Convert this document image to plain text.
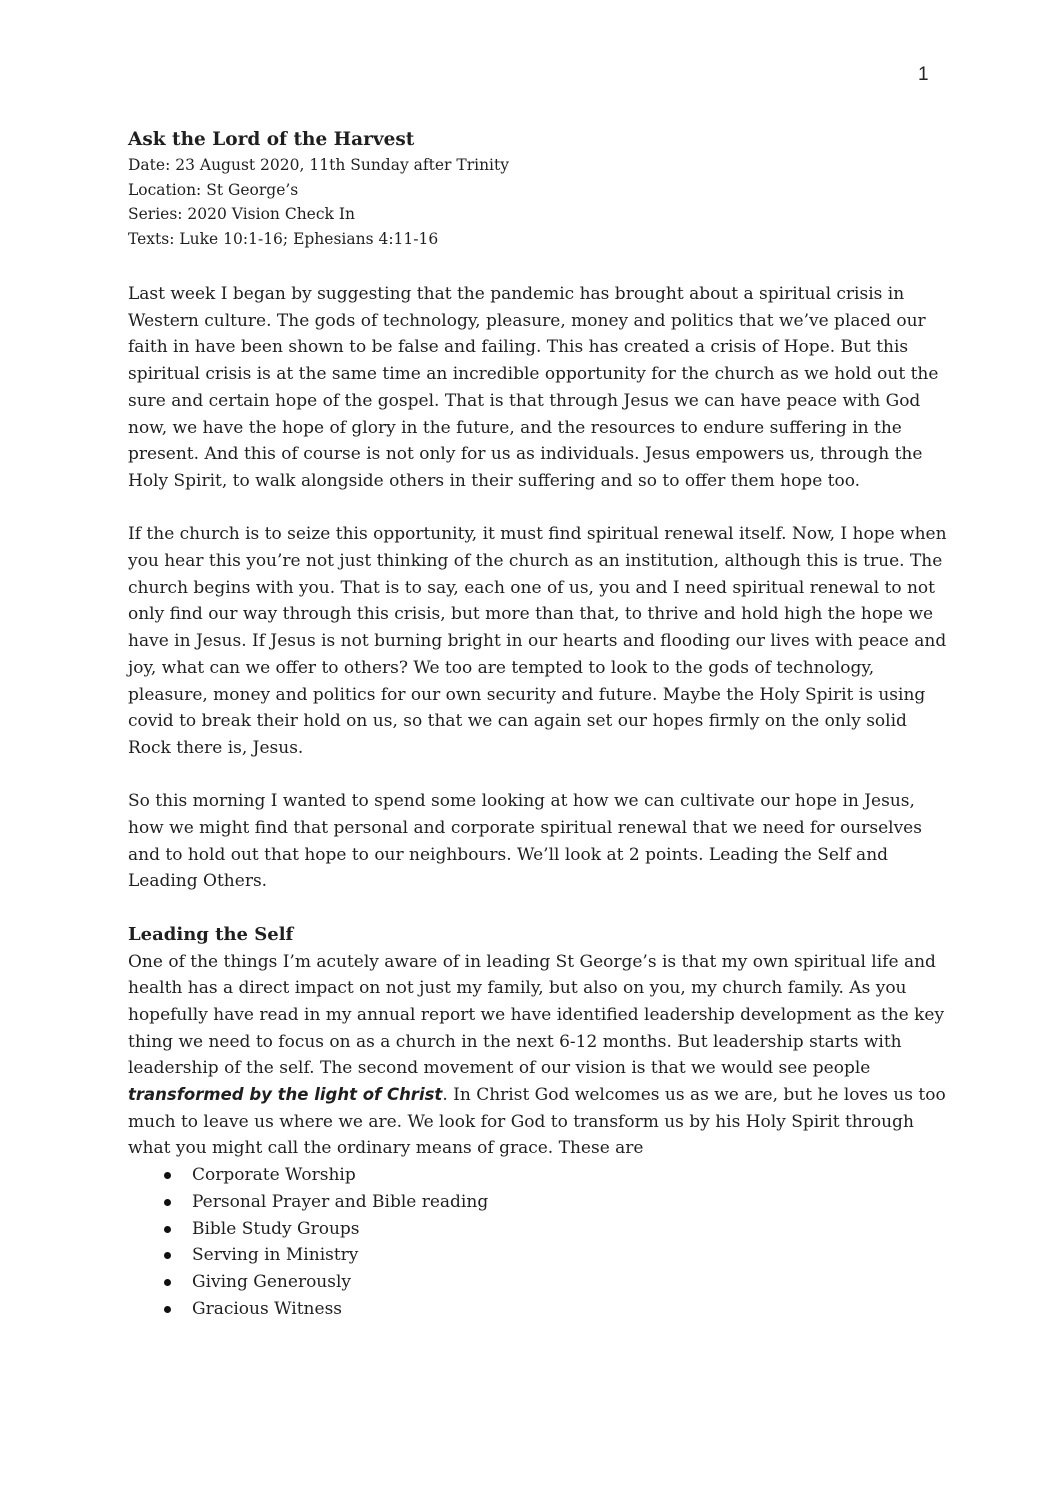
1

Ask the Lord of the Harvest

Date: 23 August 2020, 11th Sunday after Trinity

Location: St George’s

Series: 2020 Vision Check In

Texts: Luke 10:1-16; Ephesians 4:11-16

Last week I began by suggesting that the pandemic has brought about a spiritual crisis in Western culture. The gods of technology, pleasure, money and politics that we’ve placed our faith in have been shown to be false and failing. This has created a crisis of Hope. But this spiritual crisis is at the same time an incredible opportunity for the church as we hold out the sure and certain hope of the gospel. That is that through Jesus we can have peace with God now, we have the hope of glory in the future, and the resources to endure suffering in the present. And this of course is not only for us as individuals. Jesus empowers us, through the Holy Spirit, to walk alongside others in their suffering and so to offer them hope too.

If the church is to seize this opportunity, it must find spiritual renewal itself. Now, I hope when you hear this you’re not just thinking of the church as an institution, although this is true. The church begins with you. That is to say, each one of us, you and I need spiritual renewal to not only find our way through this crisis, but more than that, to thrive and hold high the hope we have in Jesus. If Jesus is not burning bright in our hearts and flooding our lives with peace and joy, what can we offer to others? We too are tempted to look to the gods of technology, pleasure, money and politics for our own security and future. Maybe the Holy Spirit is using covid to break their hold on us, so that we can again set our hopes firmly on the only solid Rock there is, Jesus.

So this morning I wanted to spend some looking at how we can cultivate our hope in Jesus, how we might find that personal and corporate spiritual renewal that we need for ourselves and to hold out that hope to our neighbours. We’ll look at 2 points. Leading the Self and Leading Others.

Leading the Self

One of the things I’m acutely aware of in leading St George’s is that my own spiritual life and health has a direct impact on not just my family, but also on you, my church family. As you hopefully have read in my annual report we have identified leadership development as the key thing we need to focus on as a church in the next 6-12 months. But leadership starts with leadership of the self. The second movement of our vision is that we would see people transformed by the light of Christ. In Christ God welcomes us as we are, but he loves us too much to leave us where we are. We look for God to transform us by his Holy Spirit through what you might call the ordinary means of grace. These are

Corporate Worship
Personal Prayer and Bible reading
Bible Study Groups
Serving in Ministry
Giving Generously
Gracious Witness
